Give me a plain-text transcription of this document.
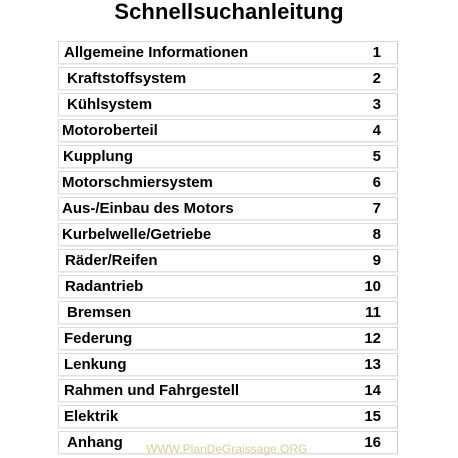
Schnellsuchanleitung
Allgemeine Informationen	1
Kraftstoffsystem	2
Kühlsystem	3
Motoroberteil	4
Kupplung	5
Motorschmiersystem	6
Aus-/Einbau des Motors	7
Kurbelwelle/Getriebe	8
Räder/Reifen	9
Radantrieb	10
Bremsen	11
Federung	12
Lenkung	13
Rahmen und Fahrgestell	14
Elektrik	15
Anhang	16
WWW.PlanDeGraissage.ORG
